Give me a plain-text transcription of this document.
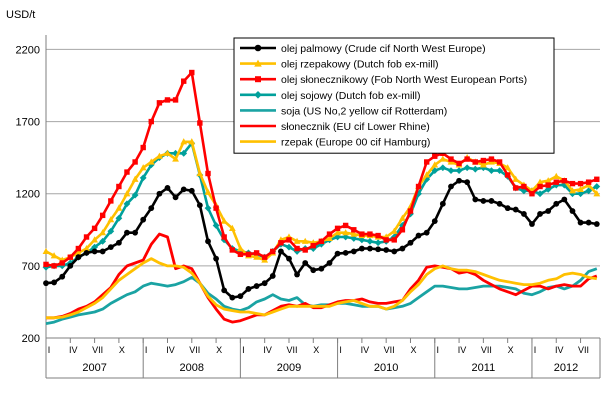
USD/t
200
700
1200
1700
2200
I IV VII X
2007
I IV VII X
2008
I IV VII X
2009
I IV VII X
2010
I IV VII X
2011
I IV VII
2012
olej palmowy (Crude cif North West Europe)
olej rzepakowy (Dutch fob ex-mill)
olej słonecznikowy (Fob North West European Ports)
olej sojowy (Dutch fob ex-mill)
soja (US No,2 yellow cif Rotterdam)
słonecznik (EU cif Lower Rhine)
rzepak (Europe 00 cif Hamburg)
